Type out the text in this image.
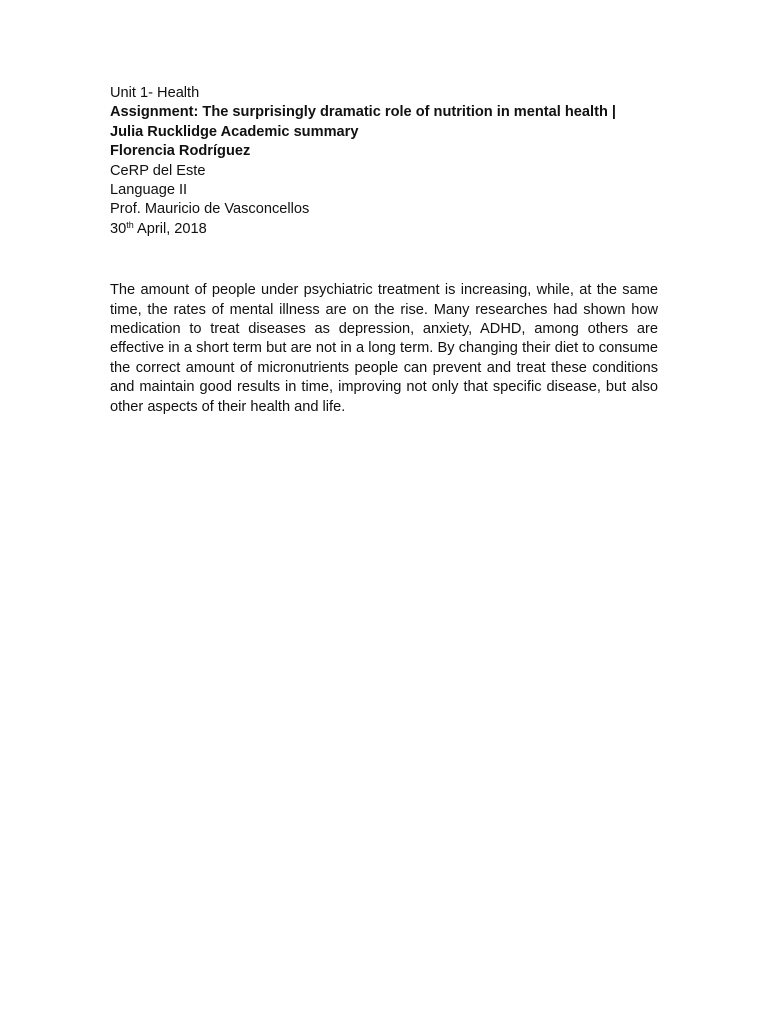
Unit 1- Health
Assignment: The surprisingly dramatic role of nutrition in mental health |
Julia Rucklidge Academic summary
Florencia Rodríguez
CeRP del Este
Language II
Prof. Mauricio de Vasconcellos
30th April, 2018

The amount of people under psychiatric treatment is increasing, while, at the same time, the rates of mental illness are on the rise. Many researches had shown how medication to treat diseases as depression, anxiety, ADHD, among others are effective in a short term but are not in a long term. By changing their diet to consume the correct amount of micronutrients people can prevent and treat these conditions and maintain good results in time, improving not only that specific disease, but also other aspects of their health and life.
